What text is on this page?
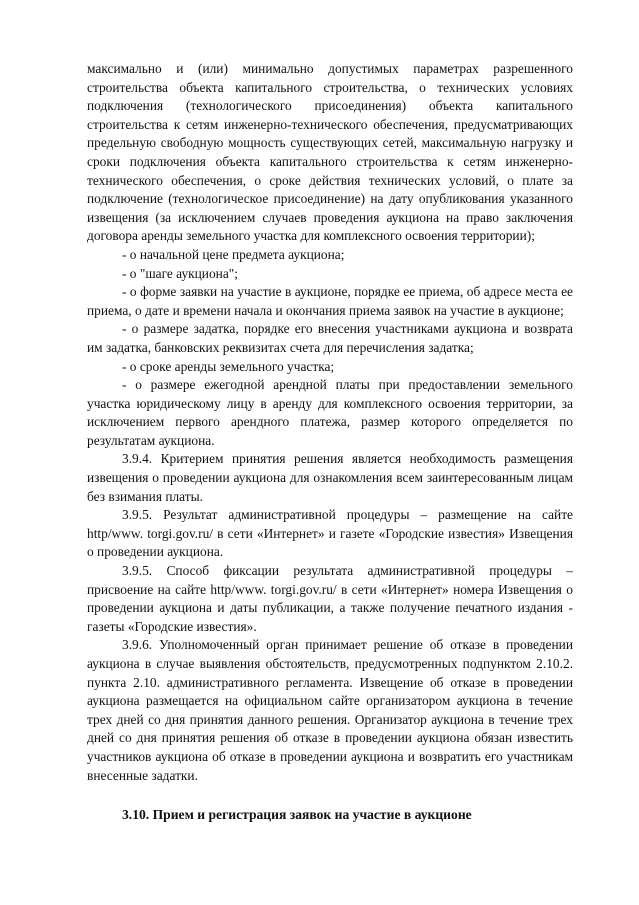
максимально и (или) минимально допустимых параметрах разрешенного строительства объекта капитального строительства, о технических условиях подключения (технологического присоединения) объекта капитального строительства к сетям инженерно-технического обеспечения, предусматривающих предельную свободную мощность существующих сетей, максимальную нагрузку и сроки подключения объекта капитального строительства к сетям инженерно-технического обеспечения, о сроке действия технических условий, о плате за подключение (технологическое присоединение) на дату опубликования указанного извещения (за исключением случаев проведения аукциона на право заключения договора аренды земельного участка для комплексного освоения территории);

- о начальной цене предмета аукциона;

- о "шаге аукциона";

- о форме заявки на участие в аукционе, порядке ее приема, об адресе места ее приема, о дате и времени начала и окончания приема заявок на участие в аукционе;

- о размере задатка, порядке его внесения участниками аукциона и возврата им задатка, банковских реквизитах счета для перечисления задатка;

- о сроке аренды земельного участка;

- о размере ежегодной арендной платы при предоставлении земельного участка юридическому лицу в аренду для комплексного освоения территории, за исключением первого арендного платежа, размер которого определяется по результатам аукциона.

3.9.4. Критерием принятия решения является необходимость размещения извещения о проведении аукциона для ознакомления всем заинтересованным лицам без взимания платы.

3.9.5. Результат административной процедуры – размещение на сайте http/www. torgi.gov.ru/ в сети «Интернет» и газете «Городские известия» Извещения о проведении аукциона.

3.9.5. Способ фиксации результата административной процедуры – присвоение на сайте http/www. torgi.gov.ru/ в сети «Интернет» номера Извещения о проведении аукциона и даты публикации, а также получение печатного издания - газеты «Городские известия».

3.9.6. Уполномоченный орган принимает решение об отказе в проведении аукциона в случае выявления обстоятельств, предусмотренных подпунктом 2.10.2. пункта 2.10. административного регламента. Извещение об отказе в проведении аукциона размещается на официальном сайте организатором аукциона в течение трех дней со дня принятия данного решения. Организатор аукциона в течение трех дней со дня принятия решения об отказе в проведении аукциона обязан известить участников аукциона об отказе в проведении аукциона и возвратить его участникам внесенные задатки.

3.10. Прием и регистрация заявок на участие в аукционе
